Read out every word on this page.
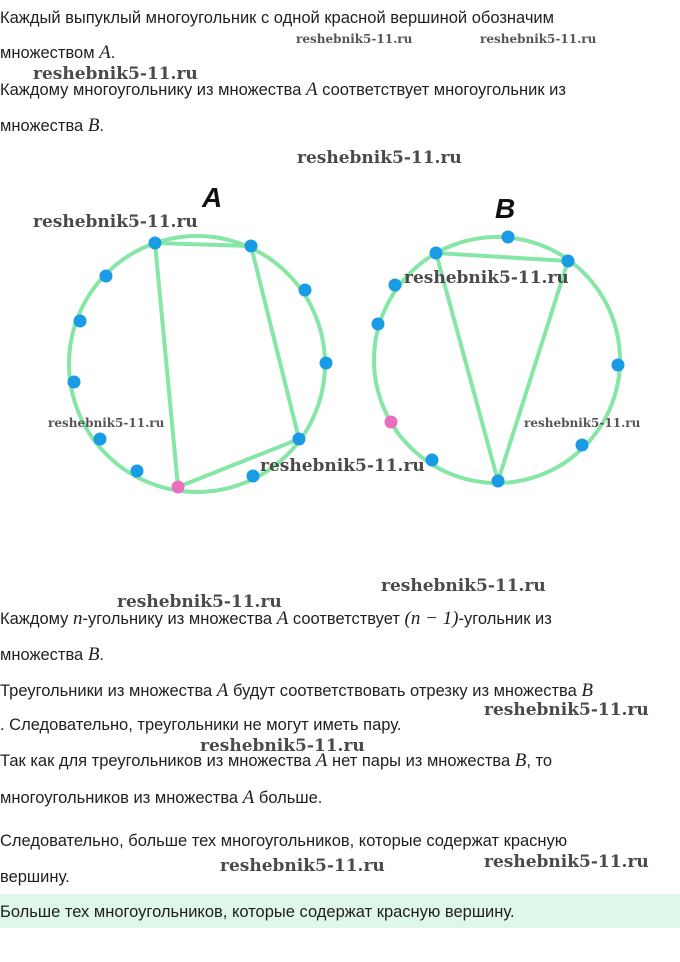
Каждый выпуклый многоугольник с одной красной вершиной обозначим
множеством A.
Каждому многоугольнику из множества A соответствует многоугольник из
множества B.
A	B
Каждому n-угольнику из множества A соответствует (n − 1)-угольник из
множества B.
Треугольники из множества A будут соответствовать отрезку из множества B
. Следовательно, треугольники не могут иметь пару.
Так как для треугольников из множества A нет пары из множества B, то
многоугольников из множества A больше.
Следовательно, больше тех многоугольников, которые содержат красную
вершину.
Больше тех многоугольников, которые содержат красную вершину.
reshebnik5-11.ru	reshebnik5-11.ru
reshebnik5-11.ru
reshebnik5-11.ru
reshebnik5-11.ru
reshebnik5-11.ru
reshebnik5-11.ru	reshebnik5-11.ru
reshebnik5-11.ru
reshebnik5-11.ru
reshebnik5-11.ru
reshebnik5-11.ru
reshebnik5-11.ru
reshebnik5-11.ru
reshebnik5-11.ru
